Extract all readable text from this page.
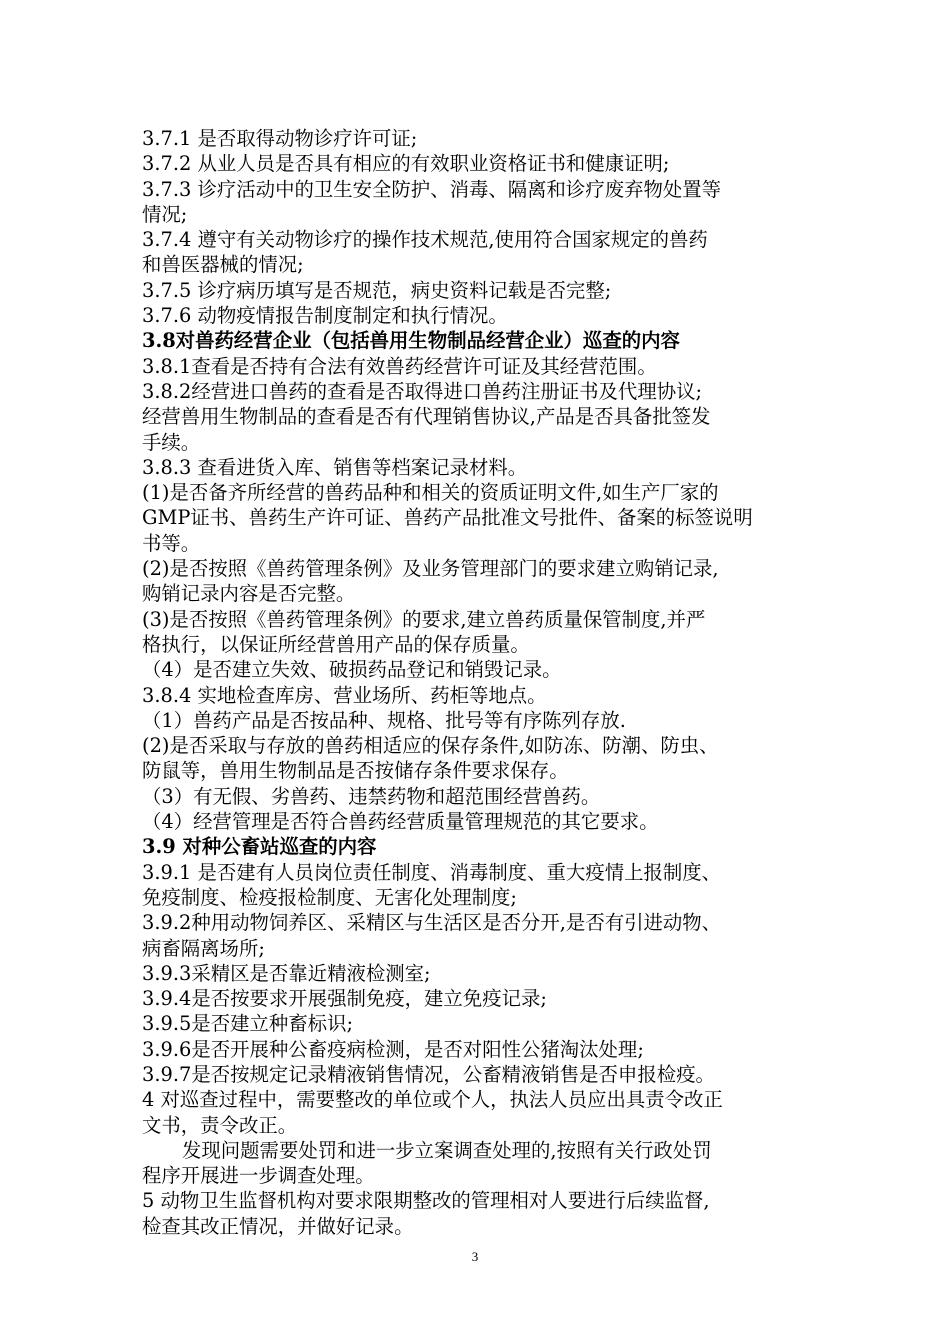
3.7.1 是否取得动物诊疗许可证;
3.7.2 从业人员是否具有相应的有效职业资格证书和健康证明;
3.7.3 诊疗活动中的卫生安全防护、消毒、隔离和诊疗废弃物处置等
情况;
3.7.4 遵守有关动物诊疗的操作技术规范,使用符合国家规定的兽药
和兽医器械的情况;
3.7.5 诊疗病历填写是否规范，病史资料记载是否完整;
3.7.6 动物疫情报告制度制定和执行情况。
3.8对兽药经营企业（包括兽用生物制品经营企业）巡查的内容
3.8.1查看是否持有合法有效兽药经营许可证及其经营范围。
3.8.2经营进口兽药的查看是否取得进口兽药注册证书及代理协议;
经营兽用生物制品的查看是否有代理销售协议,产品是否具备批签发
手续。
3.8.3 查看进货入库、销售等档案记录材料。
(1)是否备齐所经营的兽药品种和相关的资质证明文件,如生产厂家的
GMP证书、兽药生产许可证、兽药产品批准文号批件、备案的标签说明
书等。
(2)是否按照《兽药管理条例》及业务管理部门的要求建立购销记录,
购销记录内容是否完整。
(3)是否按照《兽药管理条例》的要求,建立兽药质量保管制度,并严
格执行，以保证所经营兽用产品的保存质量。
（4）是否建立失效、破损药品登记和销毁记录。
3.8.4 实地检查库房、营业场所、药柜等地点。
（1）兽药产品是否按品种、规格、批号等有序陈列存放.
(2)是否采取与存放的兽药相适应的保存条件,如防冻、防潮、防虫、
防鼠等，兽用生物制品是否按储存条件要求保存。
（3）有无假、劣兽药、违禁药物和超范围经营兽药。
（4）经营管理是否符合兽药经营质量管理规范的其它要求。
3.9 对种公畜站巡查的内容
3.9.1 是否建有人员岗位责任制度、消毒制度、重大疫情上报制度、
免疫制度、检疫报检制度、无害化处理制度;
3.9.2种用动物饲养区、采精区与生活区是否分开,是否有引进动物、
病畜隔离场所;
3.9.3采精区是否靠近精液检测室;
3.9.4是否按要求开展强制免疫，建立免疫记录;
3.9.5是否建立种畜标识;
3.9.6是否开展种公畜疫病检测，是否对阳性公猪淘汰处理;
3.9.7是否按规定记录精液销售情况，公畜精液销售是否申报检疫。
4 对巡查过程中，需要整改的单位或个人，执法人员应出具责令改正
文书，责令改正。
发现问题需要处罚和进一步立案调查处理的,按照有关行政处罚
程序开展进一步调查处理。
5 动物卫生监督机构对要求限期整改的管理相对人要进行后续监督,
检查其改正情况，并做好记录。
3
